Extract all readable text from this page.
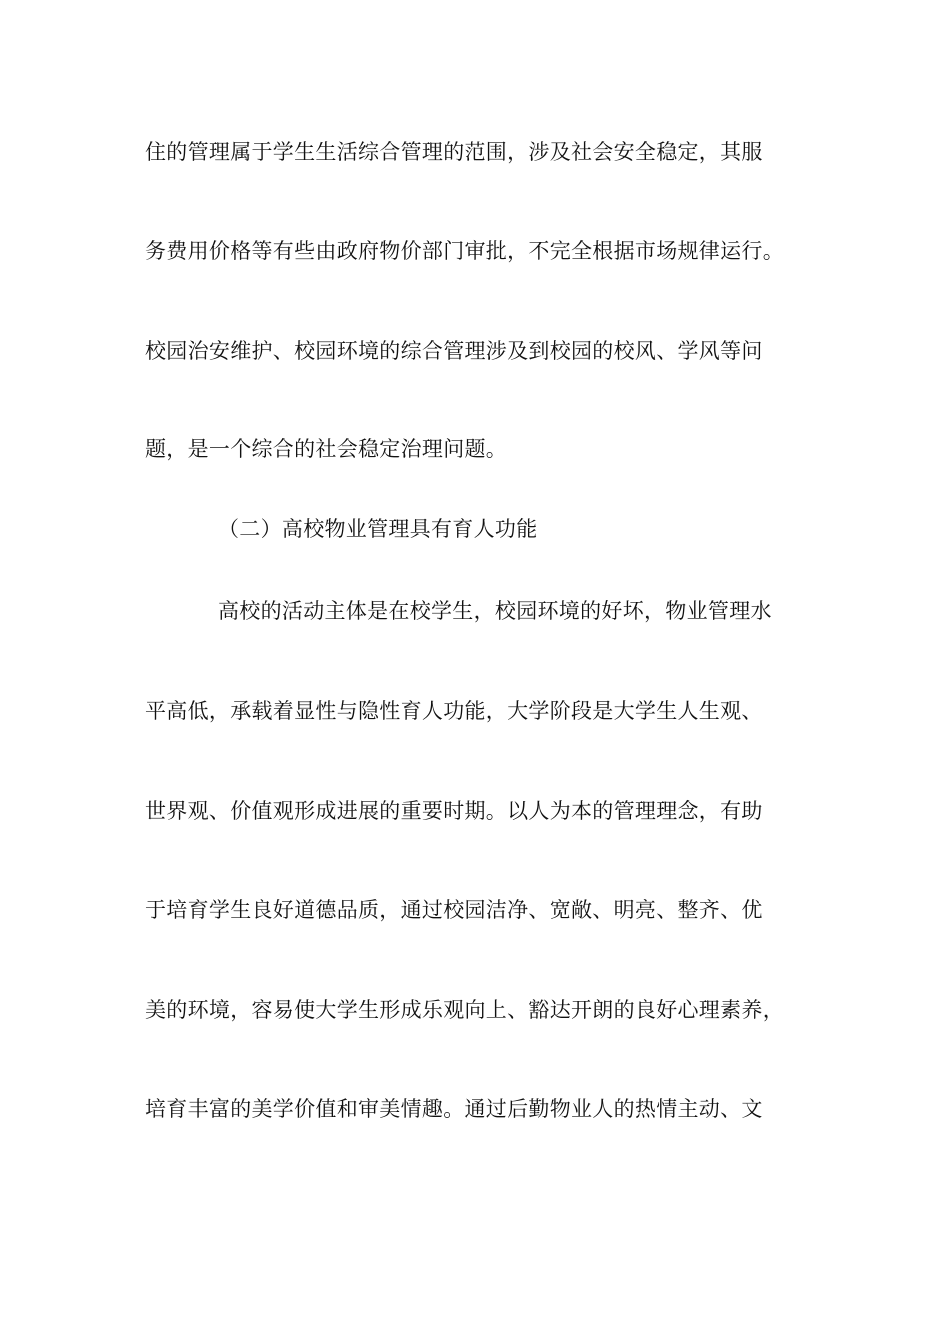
住的管理属于学生生活综合管理的范围，涉及社会安全稳定，其服
务费用价格等有些由政府物价部门审批，不完全根据市场规律运行。
校园治安维护、校园环境的综合管理涉及到校园的校风、学风等问
题，是一个综合的社会稳定治理问题。
（二）高校物业管理具有育人功能
高校的活动主体是在校学生，校园环境的好坏，物业管理水
平高低，承载着显性与隐性育人功能，大学阶段是大学生人生观、
世界观、价值观形成进展的重要时期。以人为本的管理理念，有助
于培育学生良好道德品质，通过校园洁净、宽敞、明亮、整齐、优
美的环境，容易使大学生形成乐观向上、豁达开朗的良好心理素养，
培育丰富的美学价值和审美情趣。通过后勤物业人的热情主动、文
